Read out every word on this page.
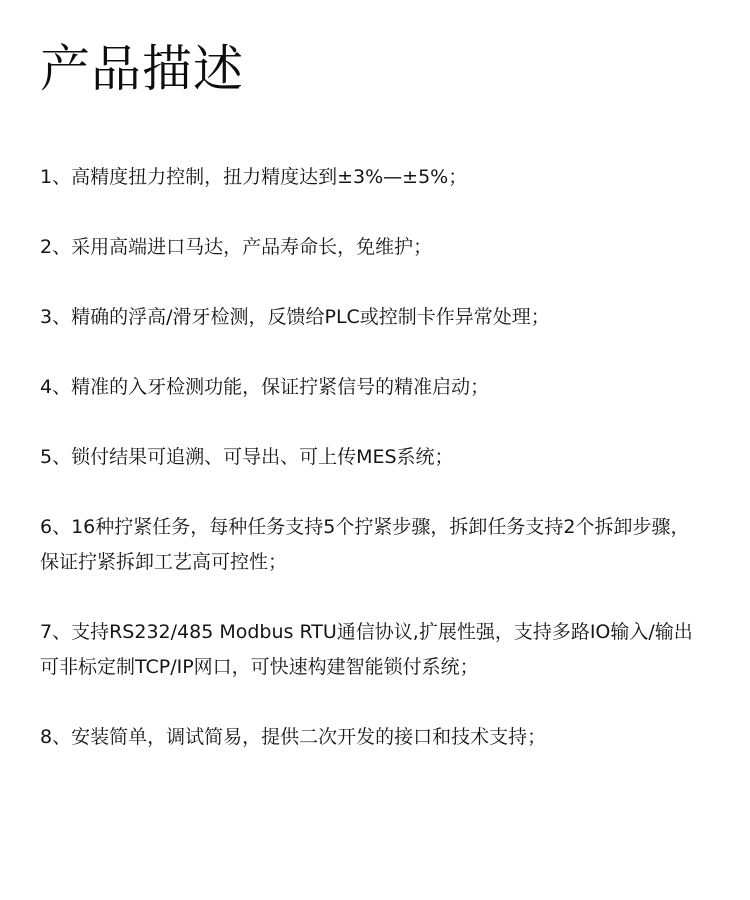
产品描述
1、高精度扭力控制，扭力精度达到±3%—±5%；
2、采用高端进口马达，产品寿命长，免维护；
3、精确的浮高/滑牙检测，反馈给PLC或控制卡作异常处理；
4、精准的入牙检测功能，保证拧紧信号的精准启动；
5、锁付结果可追溯、可导出、可上传MES系统；
6、16种拧紧任务，每种任务支持5个拧紧步骤，拆卸任务支持2个拆卸步骤，
保证拧紧拆卸工艺高可控性；
7、支持RS232/485 Modbus RTU通信协议,扩展性强，支持多路IO输入/输出
可非标定制TCP/IP网口，可快速构建智能锁付系统；
8、安装简单，调试简易，提供二次开发的接口和技术支持；
